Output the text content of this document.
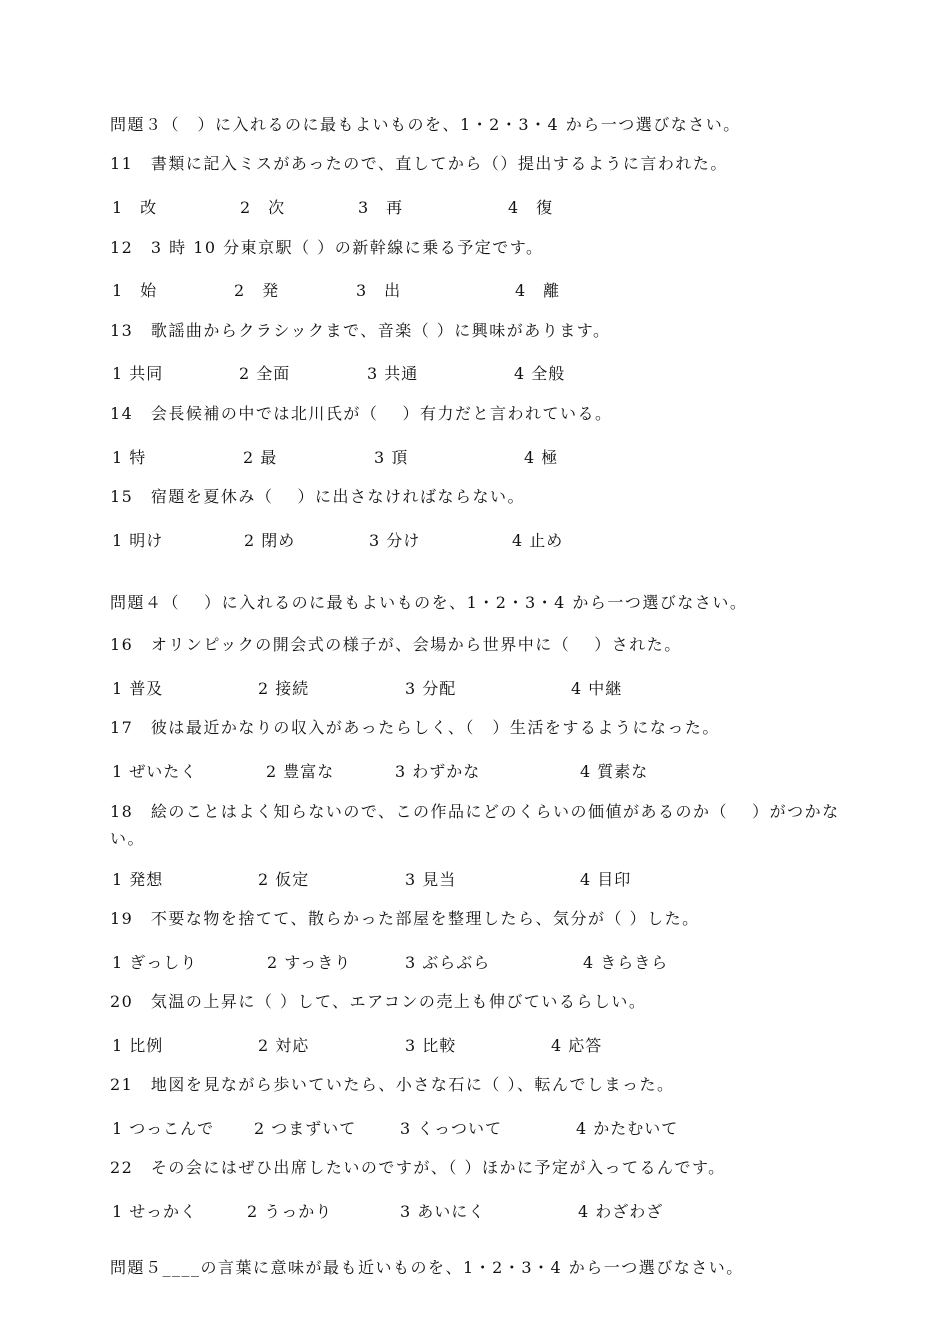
問題３（　）に入れるのに最もよいものを、1・2・3・4 から一つ選びなさい。
11　書類に記入ミスがあったので、直してから（）提出するように言われた。
1　改	2　次	3　再	4　復
12　3 時 10 分東京駅（ ）の新幹線に乗る予定です。
1　始	2　発	3　出	4　離
13　歌謡曲からクラシックまで、音楽（ ）に興味があります。
1 共同	2 全面	3 共通	4 全般
14　会長候補の中では北川氏が（　 ）有力だと言われている。
1 特	2 最	3 頂	4 極
15　宿題を夏休み（　 ）に出さなければならない。
1 明け	2 閉め	3 分け	4 止め
問題４（　 ）に入れるのに最もよいものを、1・2・3・4 から一つ選びなさい。
16　オリンピックの開会式の様子が、会場から世界中に（　 ）された。
1 普及	2 接続	3 分配	4 中継
17　彼は最近かなりの収入があったらしく、（　）生活をするようになった。
1 ぜいたく	2 豊富な	3 わずかな	4 質素な
18　絵のことはよく知らないので、この作品にどのくらいの価値があるのか（　 ）がつかない。
1 発想	2 仮定	3 見当	4 目印
19　不要な物を捨てて、散らかった部屋を整理したら、気分が（ ）した。
1 ぎっしり	2 すっきり	3 ぶらぶら	4 きらきら
20　気温の上昇に（ ）して、エアコンの売上も伸びているらしい。
1 比例	2 対応	3 比較	4 応答
21　地図を見ながら歩いていたら、小さな石に（ ）、転んでしまった。
1 つっこんで 2 つまずいて	3 くっついて	4 かたむいて
22　その会にはぜひ出席したいのですが、（ ）ほかに予定が入ってるんです。
1 せっかく	2 うっかり	3 あいにく	4 わざわざ
問題５____の言葉に意味が最も近いものを、1・2・3・4 から一つ選びなさい。
